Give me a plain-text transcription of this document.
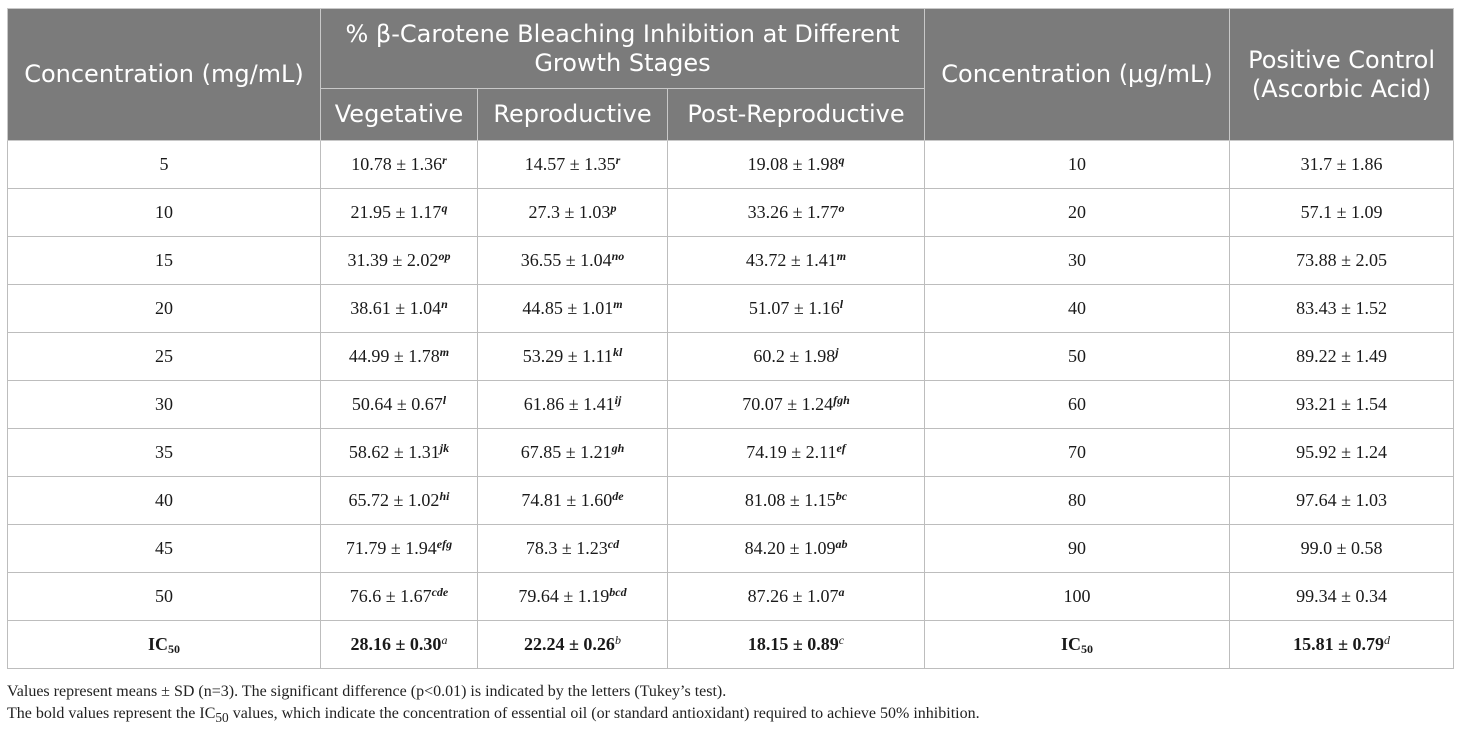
Concentration (mg/mL)	% β-Carotene Bleaching Inhibition at Different Growth Stages			Concentration (μg/mL)	Positive Control (Ascorbic Acid)
	Vegetative	Reproductive	Post-Reproductive		
5	$10.78 \pm 1.36^r$	$14.57 \pm 1.35^r$	$19.08 \pm 1.98^q$	10	31.7 ± 1.86
10	$21.95 \pm 1.17^q$	$27.3 \pm 1.03^p$	$33.26 \pm 1.77^o$	20	57.1 ± 1.09
15	$31.39 \pm 2.02^{op}$	$36.55 \pm 1.04^{no}$	$43.72 \pm 1.41^m$	30	73.88 ± 2.05
20	$38.61 \pm 1.04^n$	$44.85 \pm 1.01^m$	$51.07 \pm 1.16^l$	40	83.43 ± 1.52
25	$44.99 \pm 1.78^m$	$53.29 \pm 1.11^{kl}$	$60.2 \pm 1.98^j$	50	89.22 ± 1.49
30	$50.64 \pm 0.67^l$	$61.86 \pm 1.41^{ij}$	70.07 ± 1.24$^{fgh}$	60	93.21 ± 1.54
35	$58.62 \pm 1.31^{jk}$	67.85 ± 1.21$^{gh}$	74.19 ± 2.11$^{ef}$	70	95.92 ± 1.24
40	$65.72 \pm 1.02^{hi}$	74.81 ± 1.60de	81.08 ± 1.15$^{bc}$	80	97.64 ± 1.03
45	71.79 ± 1.94$^{efg}$	78.3 ± 1.23$^{cd}$	84.20 ± 1.09$^{ab}$	90	99.0 ± 0.58
50	76.6 ± 1.67$^{cde}$	79.64 ± 1.19$^{bcd}$	87.26 ± 1.07$^a$	100	99.34 ± 0.34
$IC_{50}$	28.16 ± 0.30$^a$	22.24 ± 0.26$^b$	18.15 ± 0.89$^c$	$IC_{50}$	15.81 ± 0.79$^d$

Values represent means ± SD (n=3). The significant difference (p<0.01) is indicated by the letters (Tukey’s test).

The bold values represent the $IC_{50}$ values, which indicate the concentration of essential oil (or standard antioxidant) required to achieve 50% inhibition.
